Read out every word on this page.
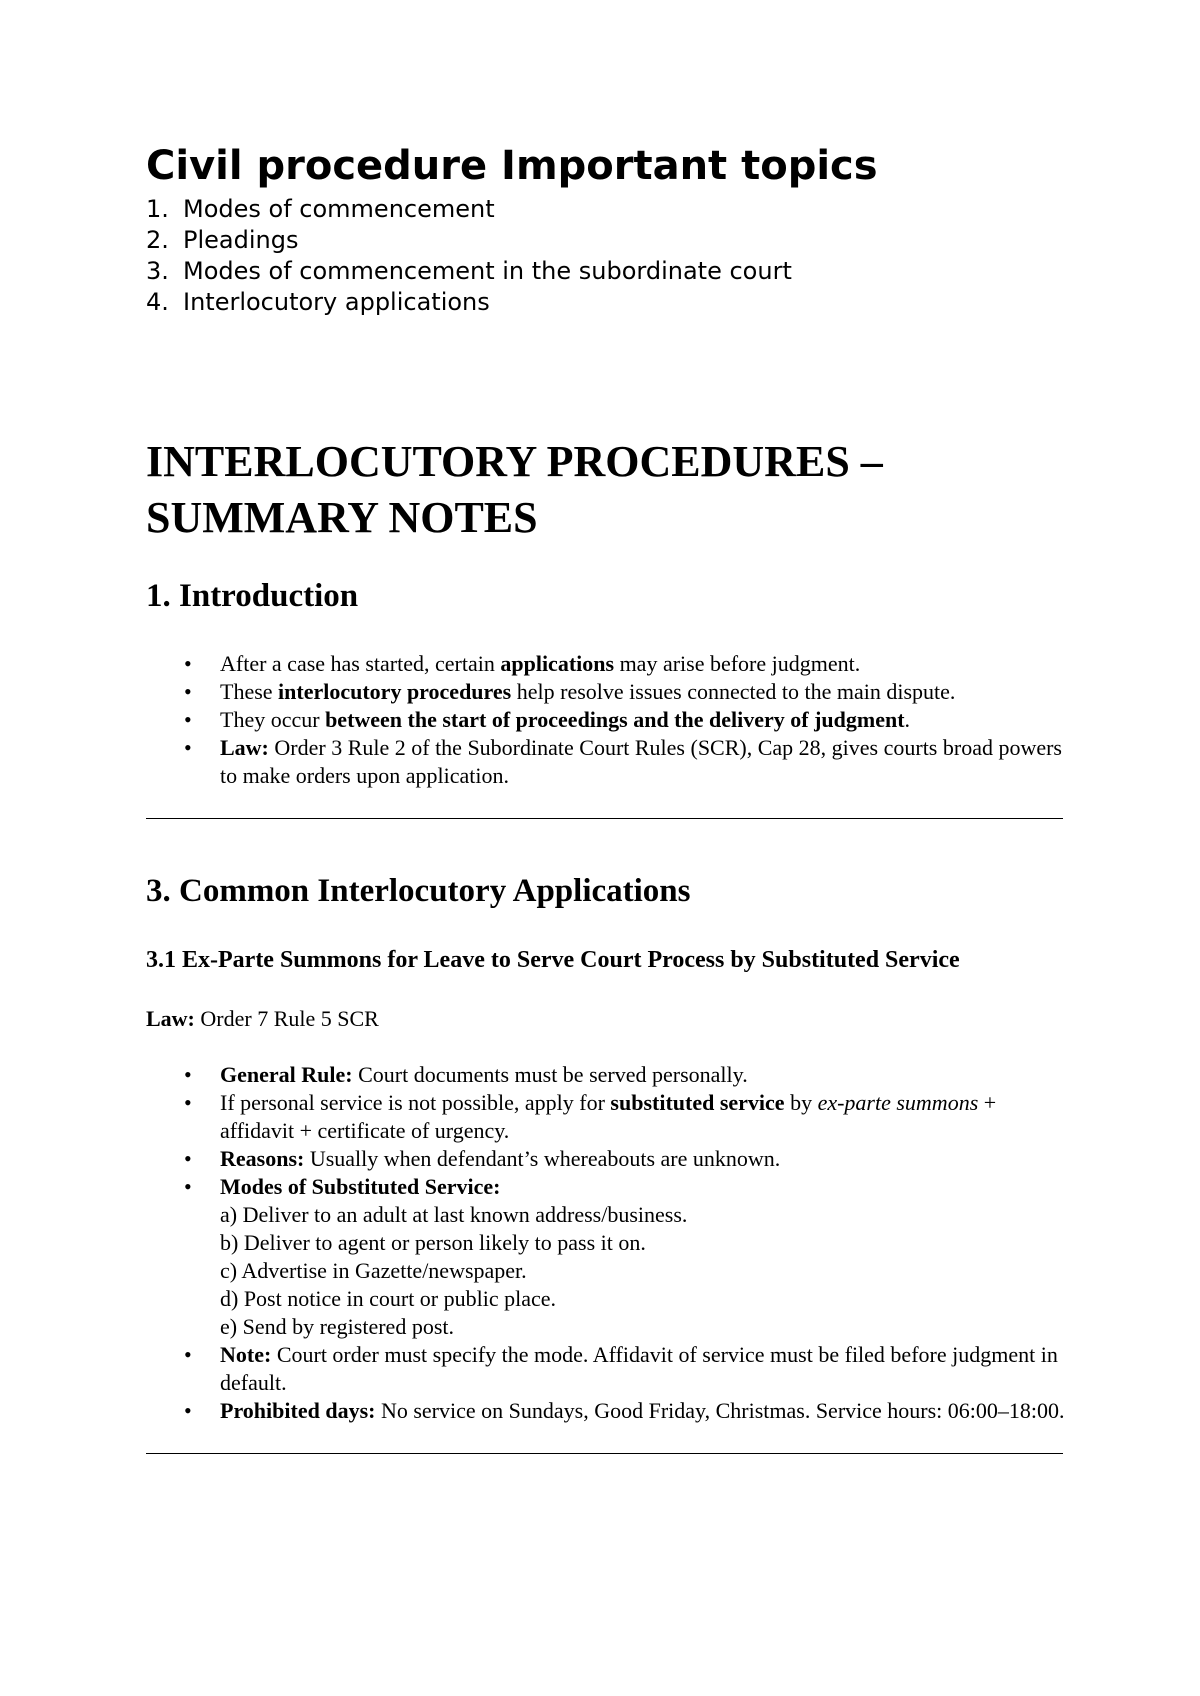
Civil procedure Important topics
1. Modes of commencement
2. Pleadings
3. Modes of commencement in the subordinate court
4. Interlocutory applications
INTERLOCUTORY PROCEDURES –
SUMMARY NOTES
1. Introduction
• After a case has started, certain applications may arise before judgment.
• These interlocutory procedures help resolve issues connected to the main dispute.
• They occur between the start of proceedings and the delivery of judgment.
• Law: Order 3 Rule 2 of the Subordinate Court Rules (SCR), Cap 28, gives courts broad powers to make orders upon application.
3. Common Interlocutory Applications
3.1 Ex-Parte Summons for Leave to Serve Court Process by Substituted Service

Law: Order 7 Rule 5 SCR

• General Rule: Court documents must be served personally.
• If personal service is not possible, apply for substituted service by ex-parte summons + affidavit + certificate of urgency.
• Reasons: Usually when defendant’s whereabouts are unknown.
• Modes of Substituted Service:
a) Deliver to an adult at last known address/business.
b) Deliver to agent or person likely to pass it on.
c) Advertise in Gazette/newspaper.
d) Post notice in court or public place.
e) Send by registered post.
• Note: Court order must specify the mode. Affidavit of service must be filed before judgment in default.
• Prohibited days: No service on Sundays, Good Friday, Christmas. Service hours: 06:00–18:00.
